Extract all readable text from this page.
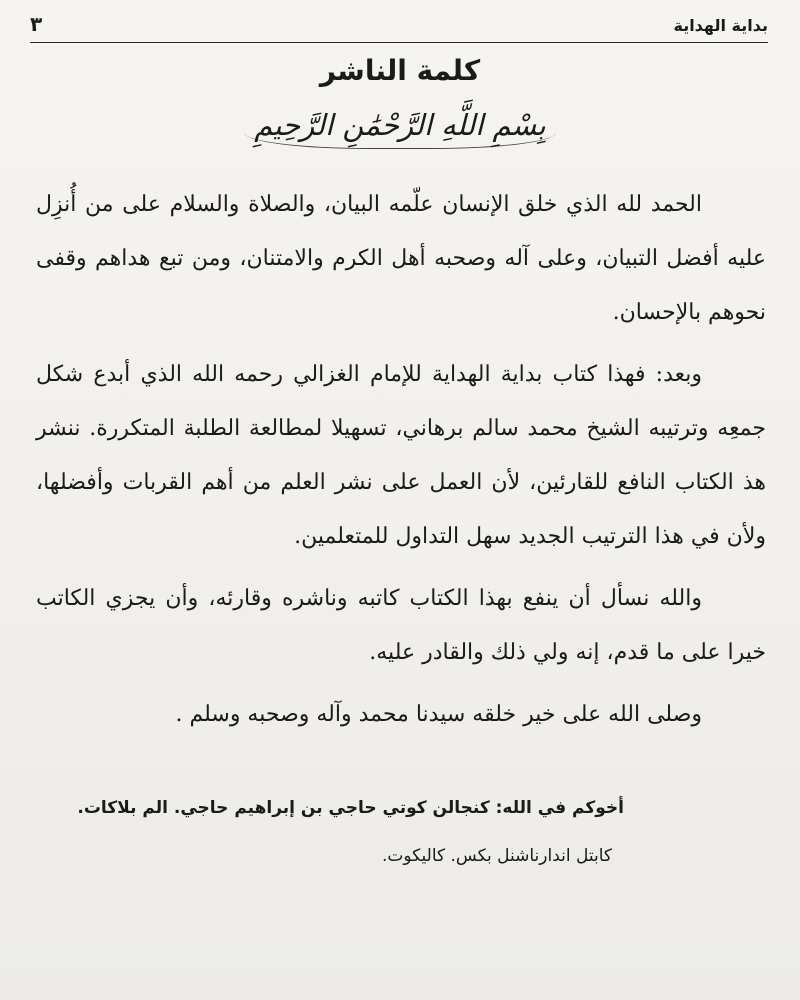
بداية الهداية
٣
كلمة الناشر
بِسْمِ اللَّهِ الرَّحْمَٰنِ الرَّحِيمِ

الحمد لله الذي خلق الإنسان علّمه البيان، والصلاة والسلام على من أُنزِل عليه أفضل التبيان، وعلى آله وصحبه أهل الكرم والامتنان، ومن تبع هداهم وقفى نحوهم بالإحسان.

وبعد: فهذا كتاب بداية الهداية للإمام الغزالي رحمه الله الذي أبدع شكل جمعِه وترتيبه الشيخ محمد سالم برهاني، تسهيلا لمطالعة الطلبة المتكررة. ننشر هذ الكتاب النافع للقارئين، لأن العمل على نشر العلم من أهم القربات وأفضلها، ولأن في هذا الترتيب الجديد سهل التداول للمتعلمين.

والله نسأل أن ينفع بهذا الكتاب كاتبه وناشره وقارئه، وأن يجزي الكاتب خيرا على ما قدم، إنه ولي ذلك والقادر عليه.

وصلى الله على خير خلقه سيدنا محمد وآله وصحبه وسلم .

أخوكم في الله: كنجالن كوتي حاجي بن إبراهيم حاجي. الم بلاكات.
كابتل اندارناشنل بكس. كاليكوت.
